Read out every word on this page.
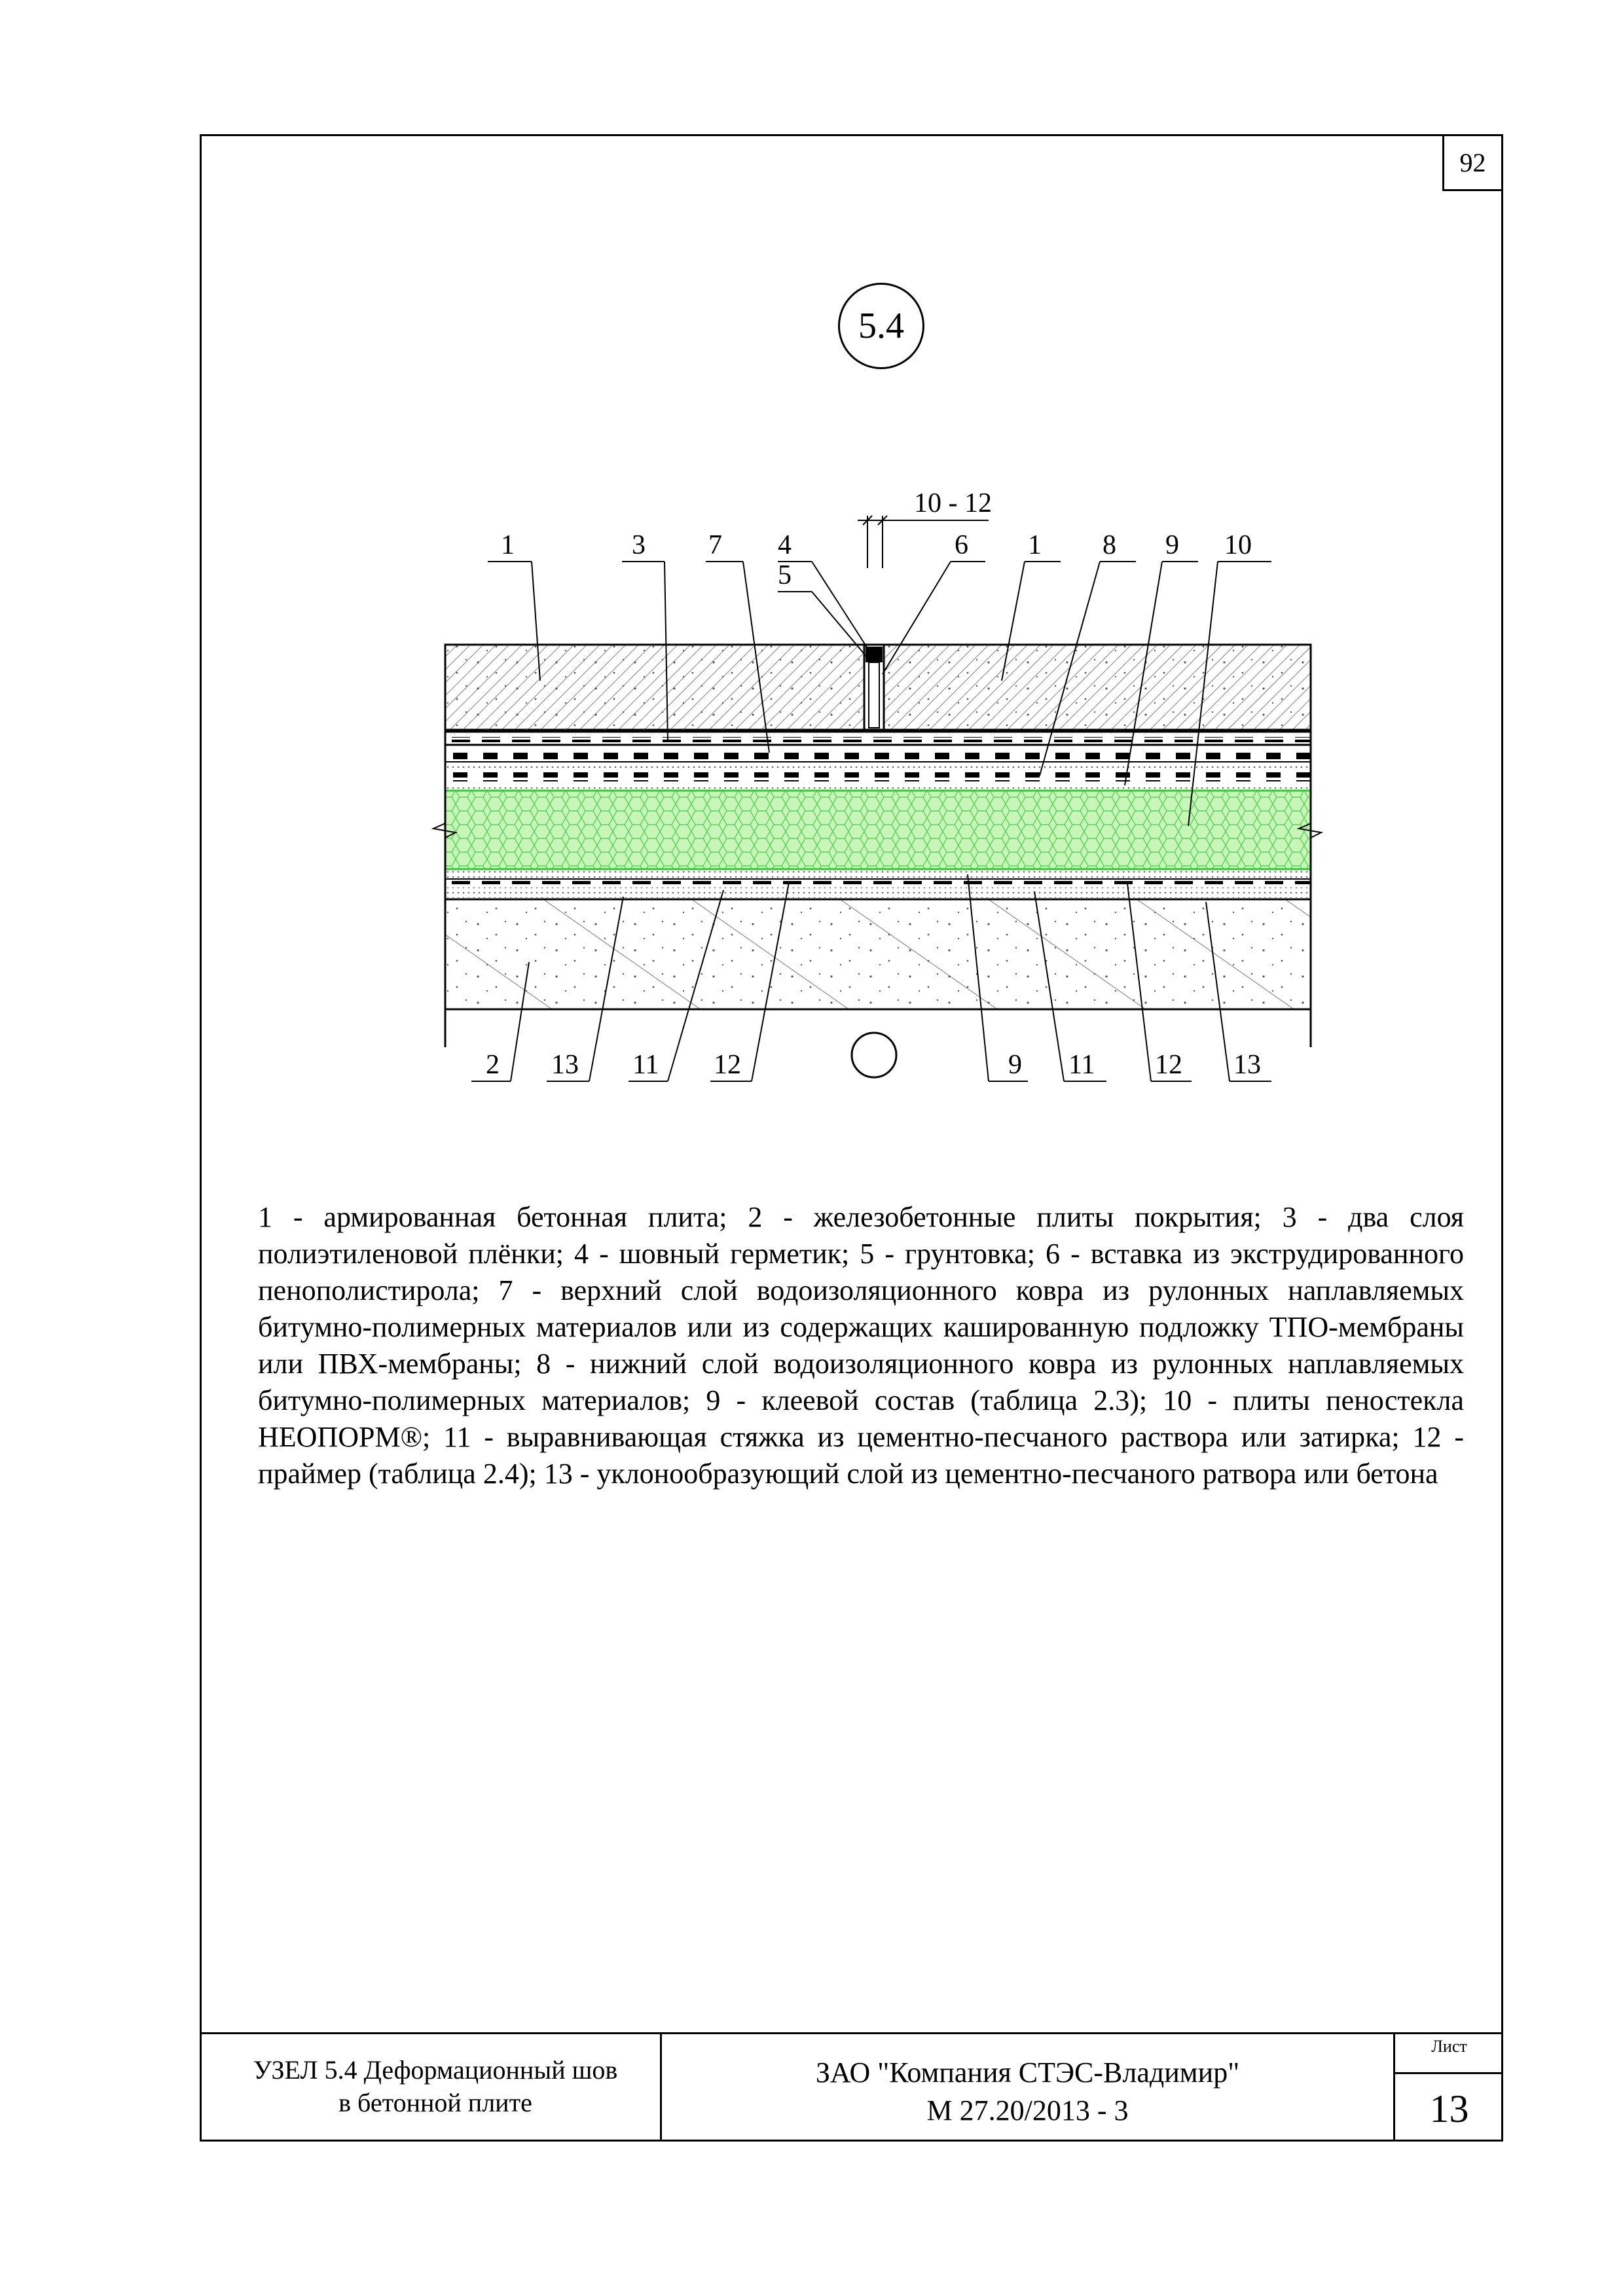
92
5.4
10 - 12
1	3 7 4
5
6 1 8 9 10
2 13 11 12	9 11 12 13
1 - армированная бетонная плита; 2 - железобетонные плиты покрытия; 3 - два слоя полиэтиленовой плёнки; 4 - шовный герметик; 5 - грунтовка; 6 - вставка из экструдированного пенополистирола; 7 - верхний слой водоизоляционного ковра из рулонных наплавляемых битумно-полимерных материалов или из содержащих кашированную подложку ТПО-мембраны или ПВХ-мембраны; 8 - нижний слой водоизоляционного ковра из рулонных наплавляемых битумно-полимерных материалов; 9 - клеевой состав (таблица 2.3); 10 - плиты пеностекла НЕОПОРМ®; 11 - выравнивающая стяжка из цементно-песчаного раствора или затирка; 12 - праймер (таблица 2.4); 13 - уклонообразующий слой из цементно-песчаного ратвора или бетона
УЗЕЛ 5.4 Деформационный шов
в бетонной плите
ЗАО "Компания СТЭС-Владимир"
М 27.20/2013 - 3
Лист
13
